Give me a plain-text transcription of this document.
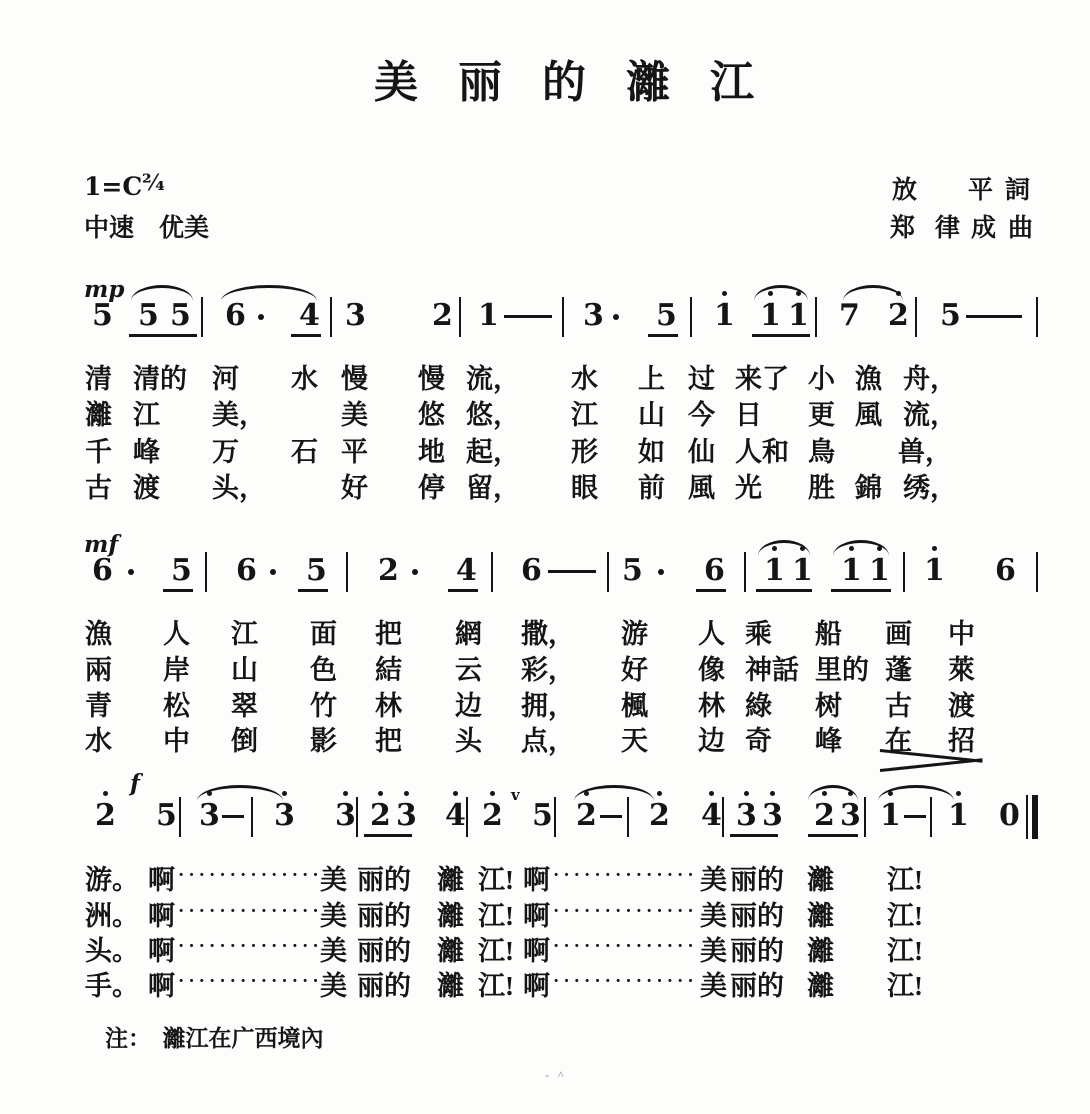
美丽的灕江
1=C ²⁄₄
中速　优美
注：　灕江在广西境內
- ^
放 平 詞
郑 律 成 曲
mp
5 5 5 6 4 3 2 1	3 5 1 1 1 7 2 5
mf
6 5 6 5 2 4 6	5 6 1 1 1 1 1 6
2
f
5 3 3 3 2 3 4 2
v
5 2 2 4 3 3 2 3 1 1 0
清 清的 河 水 慢 慢 流， 水 上 过 来了 小 漁 舟，
灕 江 美，	美 悠 悠， 江 山 今 日 更 風 流，
千 峰 万 石 平 地 起， 形 如 仙 人和 鳥 兽，
古 渡 头，	好 停 留， 眼 前 風 光 胜 錦 绣，
漁 人 江 面 把 網 撒， 游 人 乘 船 画 中
兩 岸 山 色 結 云 彩， 好 像 神話 里的 蓬 萊
青 松 翠 竹 林 边 拥， 楓 林 綠 树 古 渡
水 中 倒 影 把 头 点， 天 边 奇 峰 在 招
游。 啊 ··············
美 丽的 灕 江! 啊 ·············· 美 丽的 灕 江!
洲。 啊 ··············
美 丽的 灕 江! 啊 ·············· 美 丽的 灕 江!
头。 啊 ··············
美 丽的 灕 江! 啊 ·············· 美 丽的 灕 江!
手。 啊 ··············
美 丽的 灕 江! 啊 ·············· 美 丽的 灕 江!
